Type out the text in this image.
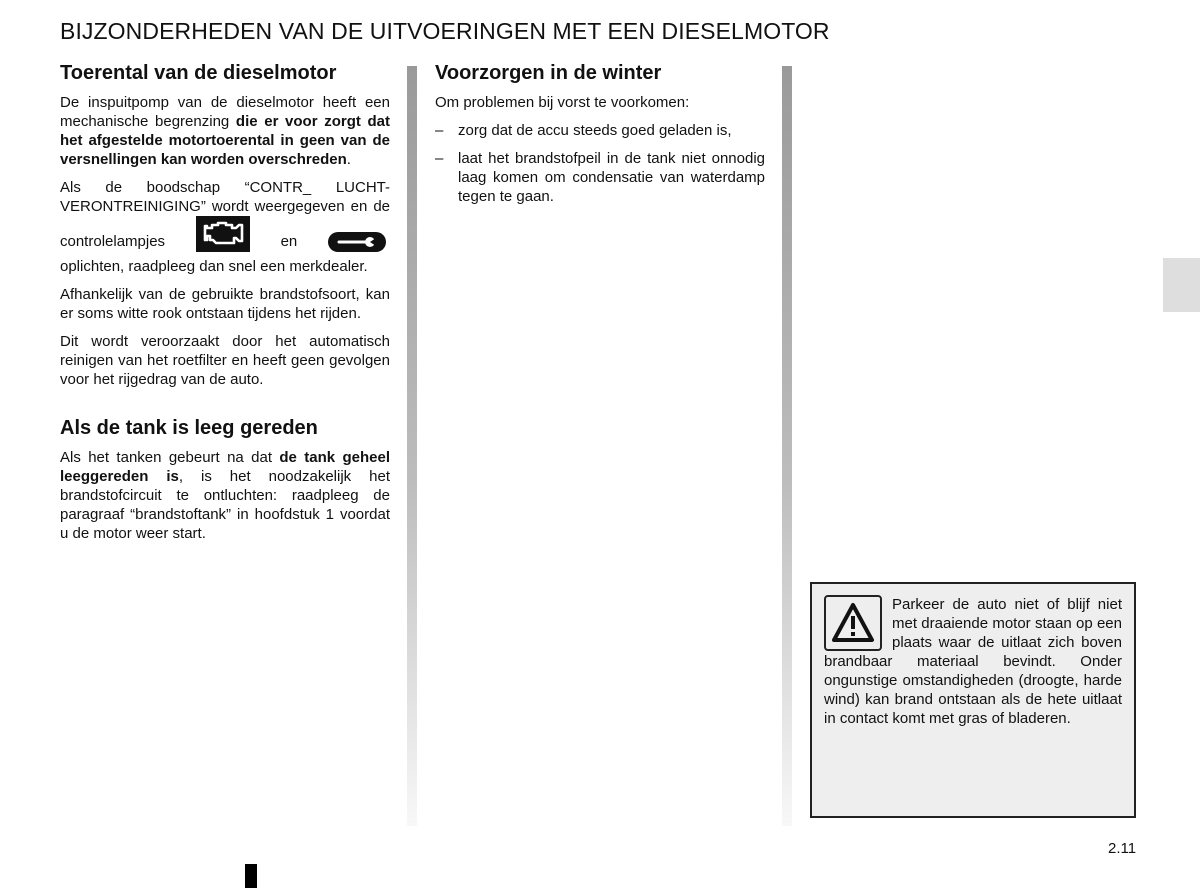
BIJZONDERHEDEN VAN DE UITVOERINGEN MET EEN DIESELMOTOR
Toerental van de dieselmotor

De inspuitpomp van de dieselmotor heeft een mechanische begrenzing die er voor zorgt dat het afgestelde motortoerental in geen van de versnellingen kan worden overschreden.

Als de boodschap “CONTR_ LUCHT-VERONTREINIGING” wordt weergegeven en de controlelampjes	en  oplichten, raadpleeg dan snel een merkdealer.

Afhankelijk van de gebruikte brandstofsoort, kan er soms witte rook ontstaan tijdens het rijden.

Dit wordt veroorzaakt door het automatisch reinigen van het roetfilter en heeft geen gevolgen voor het rijgedrag van de auto.

Als de tank is leeg gereden

Als het tanken gebeurt na dat de tank geheel leeggereden is, is het noodzakelijk het brandstofcircuit te ontluchten: raadpleeg de paragraaf “brandstoftank” in hoofdstuk 1 voordat u de motor weer start.

Voorzorgen in de winter

Om problemen bij vorst te voorkomen:

– zorg dat de accu steeds goed geladen is,
– laat het brandstofpeil in de tank niet onnodig laag komen om condensatie van waterdamp tegen te gaan.

Parkeer de auto niet of blijf niet met draaiende motor staan op een plaats waar de uitlaat zich boven brandbaar materiaal bevindt. Onder ongunstige omstandigheden (droogte, harde wind) kan brand ontstaan als de hete uitlaat in contact komt met gras of bladeren.

2.11
